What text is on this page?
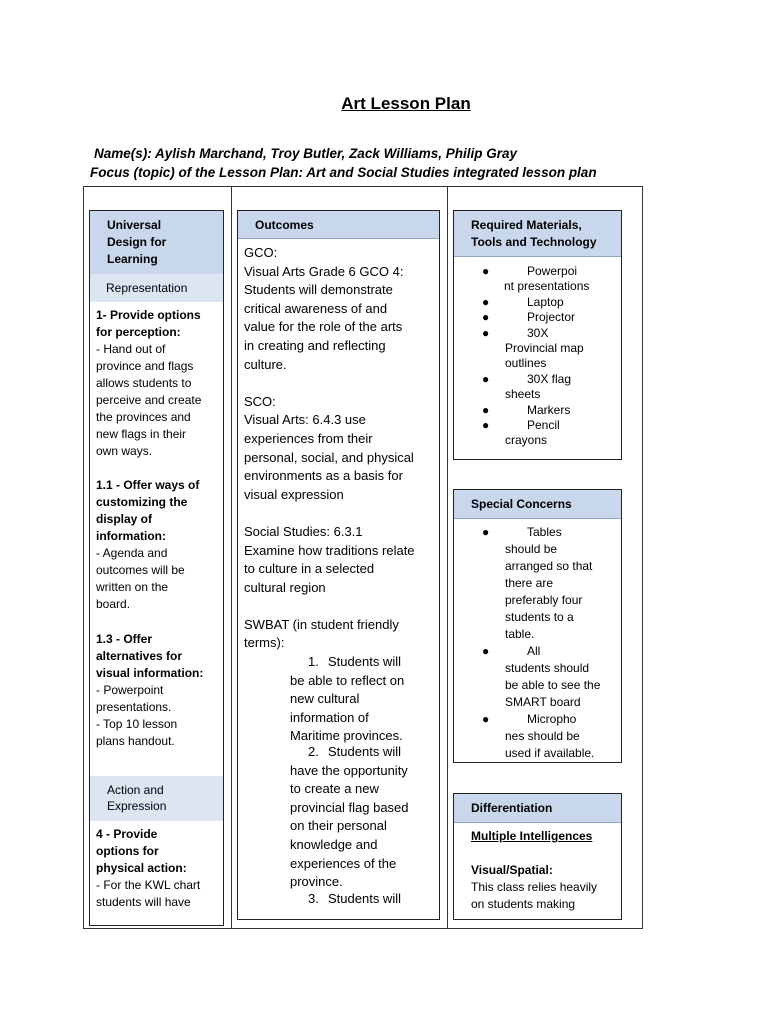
Art Lesson Plan
Name(s): Aylish Marchand, Troy Butler, Zack Williams, Philip Gray
Focus (topic) of the Lesson Plan: Art and Social Studies integrated lesson plan
Universal
Design for
Learning
Representation
1- Provide options
for perception:
- Hand out of
province and flags
allows students to
perceive and create
the provinces and
new flags in their
own ways.
1.1 - Offer ways of
customizing the
display of
information:
- Agenda and
outcomes will be
written on the
board.
1.3 - Offer
alternatives for
visual information:
- Powerpoint
presentations.
- Top 10 lesson
plans handout.
Action and
Expression
4 - Provide
options for
physical action:
- For the KWL chart
students will have
Outcomes
GCO:
Visual Arts Grade 6 GCO 4:
Students will demonstrate
critical awareness of and
value for the role of the arts
in creating and reflecting
culture.
SCO:
Visual Arts: 6.4.3 use
experiences from their
personal, social, and physical
environments as a basis for
visual expression
Social Studies: 6.3.1
Examine how traditions relate
to culture in a selected
cultural region
SWBAT (in student friendly
terms):
1. Students will
be able to reflect on
new cultural
information of
Maritime provinces.
2. Students will
have the opportunity
to create a new
provincial flag based
on their personal
knowledge and
experiences of the
province.
3. Students will
Required Materials,
Tools and Technology
●	Powerpoi
nt presentations
●	Laptop
●	Projector
●	30X
Provincial map
outlines
●	30X flag
sheets
●	Markers
●	Pencil
crayons
Special Concerns
●	Tables
should be
arranged so that
there are
preferably four
students to a
table.
●	All
students should
be able to see the
SMART board
●	Micropho
nes should be
used if available.
Differentiation
Multiple Intelligences
Visual/Spatial:
This class relies heavily
on students making
